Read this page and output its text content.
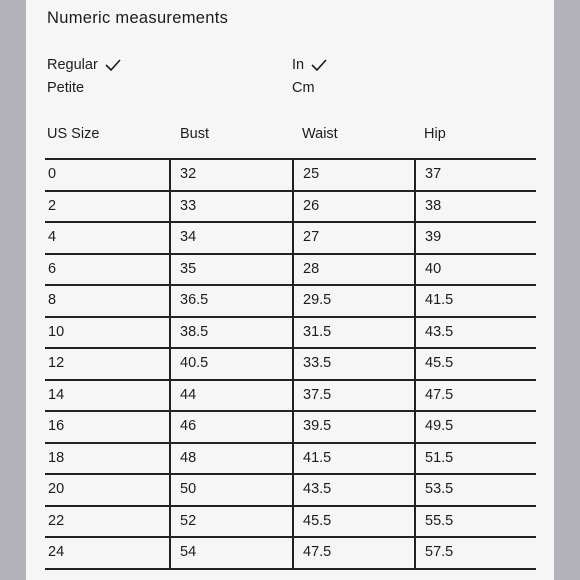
Numeric measurements
Regular
Petite
In
Cm
US Size	Bust	Waist	Hip
0	32	25	37
2	33	26	38
4	34	27	39
6	35	28	40
8	36.5	29.5	41.5
10	38.5	31.5	43.5
12	40.5	33.5	45.5
14	44	37.5	47.5
16	46	39.5	49.5
18	48	41.5	51.5
20	50	43.5	53.5
22	52	45.5	55.5
24	54	47.5	57.5
